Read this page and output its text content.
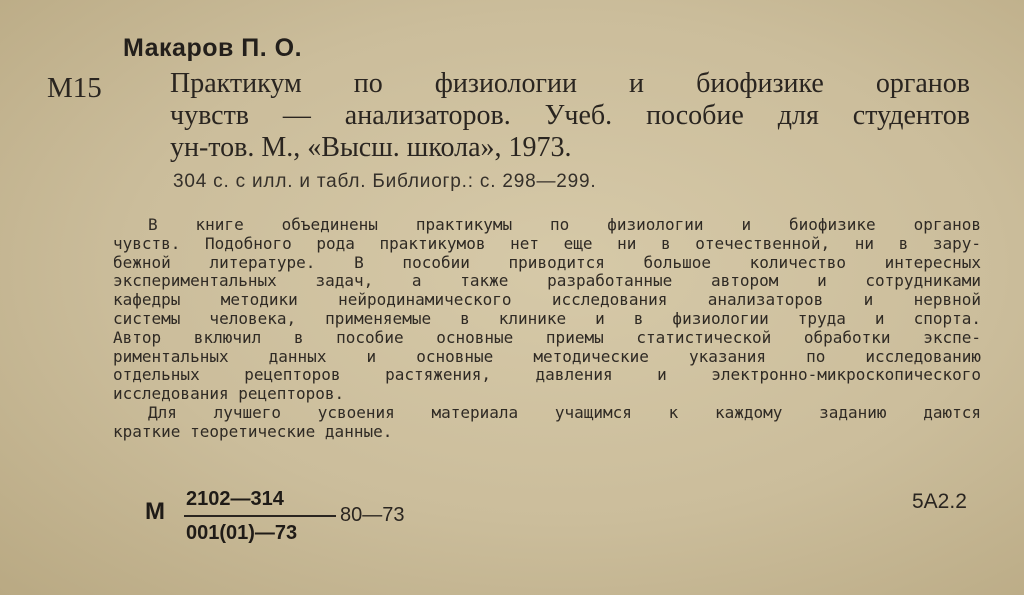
Макаров П. О.
М15 Практикум по физиологии и биофизике органов
чувств — анализаторов. Учеб. пособие для студентов
ун-тов. М., «Высш. школа», 1973.
304 с. с илл. и табл. Библиогр.: с. 298—299.
В книге объединены практикумы по физиологии и биофизике органов
чувств. Подобного рода практикумов нет еще ни в отечественной, ни в зару-
бежной литературе. В пособии приводится большое количество интересных
экспериментальных задач, а также разработанные автором и сотрудниками
кафедры методики нейродинамического исследования анализаторов и нервной
системы человека, применяемые в клинике и в физиологии труда и спорта.
Автор включил в пособие основные приемы статистической обработки экспе-
риментальных данных и основные методические указания по исследованию
отдельных рецепторов растяжения, давления и электронно-микроскопического
исследования рецепторов.
Для лучшего усвоения материала учащимся к каждому заданию даются
краткие теоретические данные.
М 2102—314
001(01)—73
80—73
5А2.2
